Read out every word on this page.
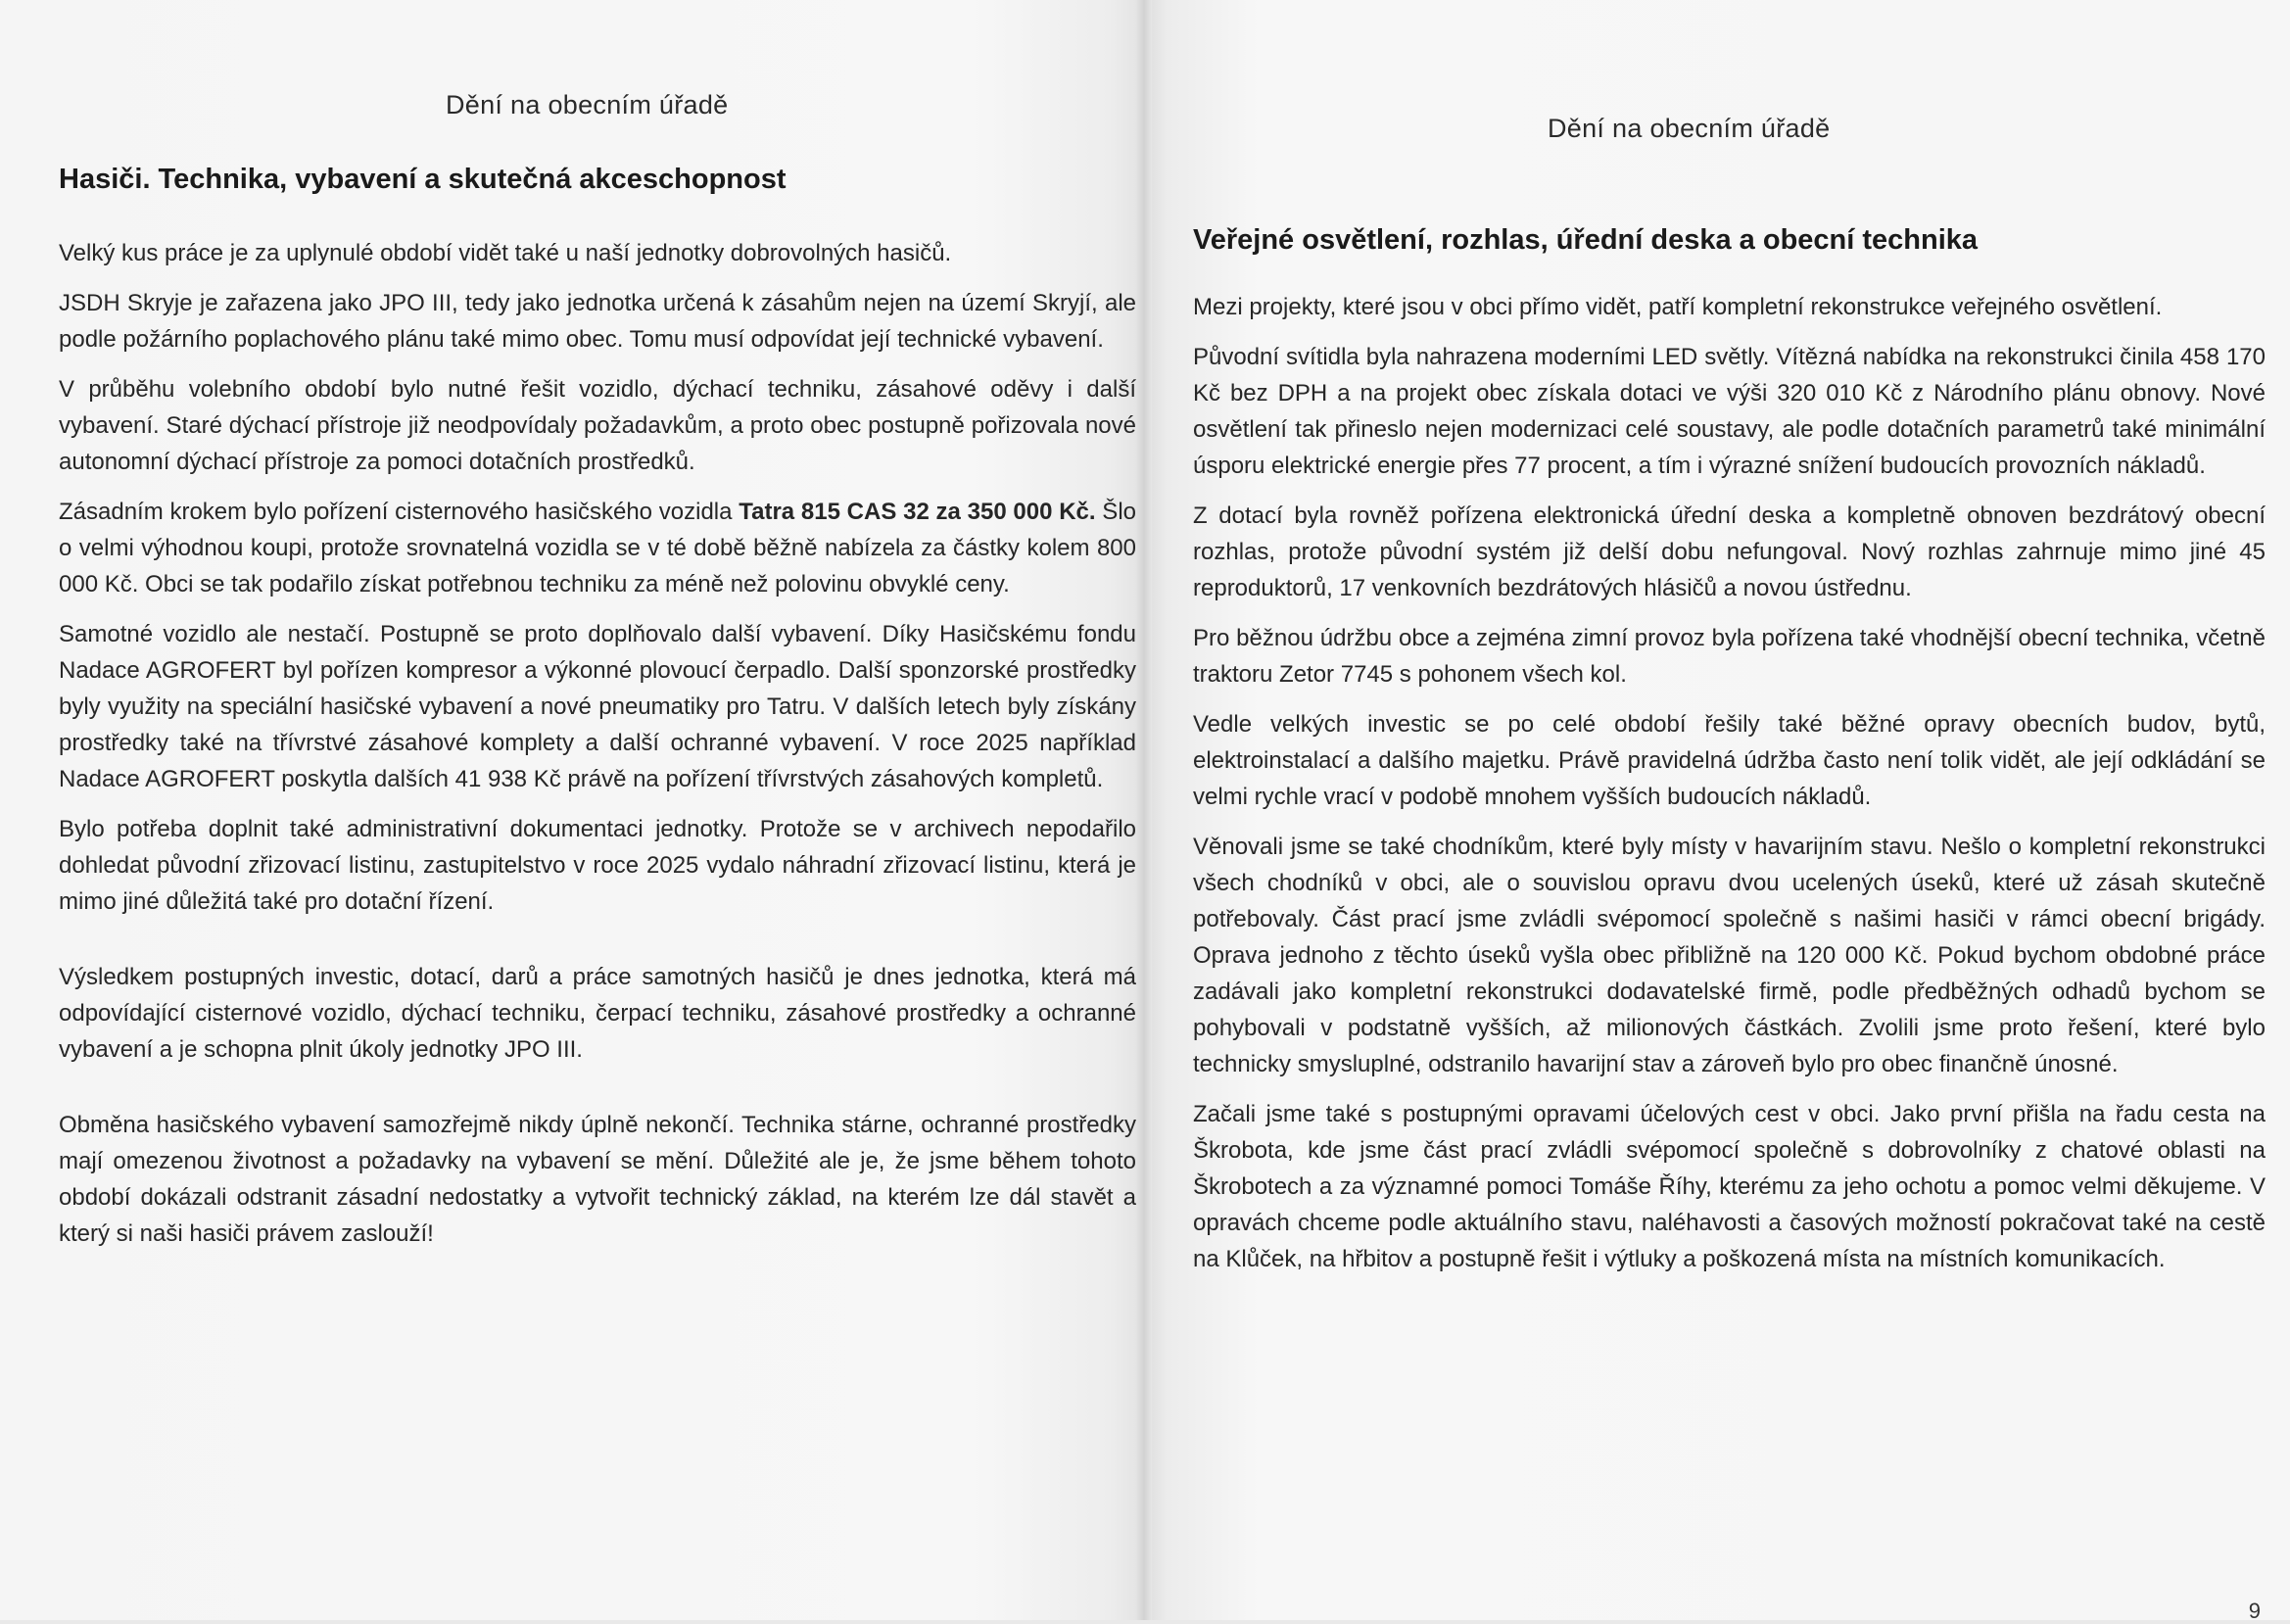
Dění na obecním úřadě
Hasiči. Technika, vybavení a skutečná akceschopnost

Velký kus práce je za uplynulé období vidět také u naší jednotky dobrovolných hasičů.

JSDH Skryje je zařazena jako JPO III, tedy jako jednotka určená k zásahům nejen na území Skryjí, ale podle požárního poplachového plánu také mimo obec. Tomu musí odpovídat její technické vybavení.

V průběhu volebního období bylo nutné řešit vozidlo, dýchací techniku, zásahové oděvy i další vybavení. Staré dýchací přístroje již neodpovídaly požadavkům, a proto obec postupně pořizovala nové autonomní dýchací přístroje za pomoci dotačních prostředků.

Zásadním krokem bylo pořízení cisternového hasičského vozidla Tatra 815 CAS 32 za 350 000 Kč. Šlo o velmi výhodnou koupi, protože srovnatelná vozidla se v té době běžně nabízela za částky kolem 800 000 Kč. Obci se tak podařilo získat potřebnou techniku za méně než polovinu obvyklé ceny.

Samotné vozidlo ale nestačí. Postupně se proto doplňovalo další vybavení. Díky Hasičskému fondu Nadace AGROFERT byl pořízen kompresor a výkonné plovoucí čerpadlo. Další sponzorské prostředky byly využity na speciální hasičské vybavení a nové pneumatiky pro Tatru. V dalších letech byly získány prostředky také na třívrstvé zásahové komplety a další ochranné vybavení. V roce 2025 například Nadace AGROFERT poskytla dalších 41 938 Kč právě na pořízení třívrstvých zásahových kompletů.

Bylo potřeba doplnit také administrativní dokumentaci jednotky. Protože se v archivech nepodařilo dohledat původní zřizovací listinu, zastupitelstvo v roce 2025 vydalo náhradní zřizovací listinu, která je mimo jiné důležitá také pro dotační řízení.

Výsledkem postupných investic, dotací, darů a práce samotných hasičů je dnes jednotka, která má odpovídající cisternové vozidlo, dýchací techniku, čerpací techniku, zásahové prostředky a ochranné vybavení a je schopna plnit úkoly jednotky JPO III.

Obměna hasičského vybavení samozřejmě nikdy úplně nekončí. Technika stárne, ochranné prostředky mají omezenou životnost a požadavky na vybavení se mění. Důležité ale je, že jsme během tohoto období dokázali odstranit zásadní nedostatky a vytvořit technický základ, na kterém lze dál stavět a který si naši hasiči právem zaslouží!

Dění na obecním úřadě
Veřejné osvětlení, rozhlas, úřední deska a obecní technika

Mezi projekty, které jsou v obci přímo vidět, patří kompletní rekonstrukce veřejného osvětlení.

Původní svítidla byla nahrazena moderními LED světly. Vítězná nabídka na rekonstrukci činila 458 170 Kč bez DPH a na projekt obec získala dotaci ve výši 320 010 Kč z Národního plánu obnovy. Nové osvětlení tak přineslo nejen modernizaci celé soustavy, ale podle dotačních parametrů také minimální úsporu elektrické energie přes 77 procent, a tím i výrazné snížení budoucích provozních nákladů.

Z dotací byla rovněž pořízena elektronická úřední deska a kompletně obnoven bezdrátový obecní rozhlas, protože původní systém již delší dobu nefungoval. Nový rozhlas zahrnuje mimo jiné 45 reproduktorů, 17 venkovních bezdrátových hlásičů a novou ústřednu.

Pro běžnou údržbu obce a zejména zimní provoz byla pořízena také vhodnější obecní technika, včetně traktoru Zetor 7745 s pohonem všech kol.

Vedle velkých investic se po celé období řešily také běžné opravy obecních budov, bytů, elektroinstalací a dalšího majetku. Právě pravidelná údržba často není tolik vidět, ale její odkládání se velmi rychle vrací v podobě mnohem vyšších budoucích nákladů.

Věnovali jsme se také chodníkům, které byly místy v havarijním stavu. Nešlo o kompletní rekonstrukci všech chodníků v obci, ale o souvislou opravu dvou ucelených úseků, které už zásah skutečně potřebovaly. Část prací jsme zvládli svépomocí společně s našimi hasiči v rámci obecní brigády. Oprava jednoho z těchto úseků vyšla obec přibližně na 120 000 Kč. Pokud bychom obdobné práce zadávali jako kompletní rekonstrukci dodavatelské firmě, podle předběžných odhadů bychom se pohybovali v podstatně vyšších, až milionových částkách. Zvolili jsme proto řešení, které bylo technicky smysluplné, odstranilo havarijní stav a zároveň bylo pro obec finančně únosné.

Začali jsme také s postupnými opravami účelových cest v obci. Jako první přišla na řadu cesta na Škrobota, kde jsme část prací zvládli svépomocí společně s dobrovolníky z chatové oblasti na Škrobotech a za významné pomoci Tomáše Říhy, kterému za jeho ochotu a pomoc velmi děkujeme. V opravách chceme podle aktuálního stavu, naléhavosti a časových možností pokračovat také na cestě na Klůček, na hřbitov a postupně řešit i výtluky a poškozená místa na místních komunikacích.

9
